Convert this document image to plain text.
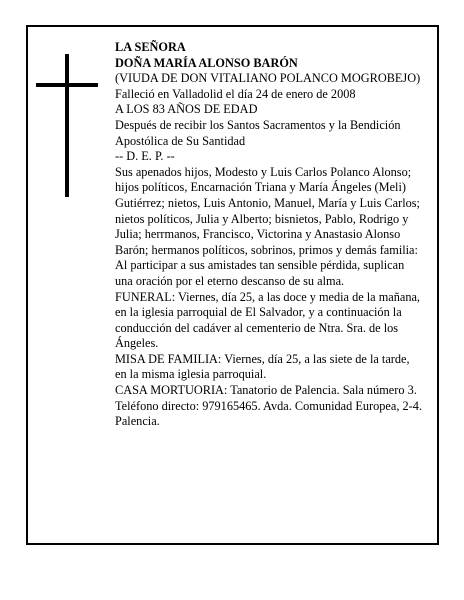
LA SEÑORA

DOÑA MARÍA ALONSO BARÓN

(VIUDA DE DON VITALIANO POLANCO MOGROBEJO)

Falleció en Valladolid el día 24 de enero de 2008

A LOS 83 AÑOS DE EDAD

Después de recibir los Santos Sacramentos y la Bendición Apostólica de Su Santidad

-- D. E. P. --

Sus apenados hijos, Modesto y Luis Carlos Polanco Alonso; hijos políticos, Encarnación Triana y María Ángeles (Meli) Gutiérrez; nietos, Luis Antonio, Manuel, María y Luis Carlos; nietos políticos, Julia y Alberto; bisnietos, Pablo, Rodrigo y Julia; herrmanos, Francisco, Victorina y Anastasio Alonso Barón; hermanos políticos, sobrinos, primos y demás familia:

Al participar a sus amistades tan sensible pérdida, suplican una oración por el eterno descanso de su alma.

FUNERAL: Viernes, día 25, a las doce y media de la mañana, en la iglesia parroquial de El Salvador, y a continuación la conducción del cadáver al cementerio de Ntra. Sra. de los Ángeles.

MISA DE FAMILIA: Viernes, día 25, a las siete de la tarde, en la misma iglesia parroquial.

CASA MORTUORIA: Tanatorio de Palencia. Sala número 3. Teléfono directo: 979165465. Avda. Comunidad Europea, 2-4. Palencia.
